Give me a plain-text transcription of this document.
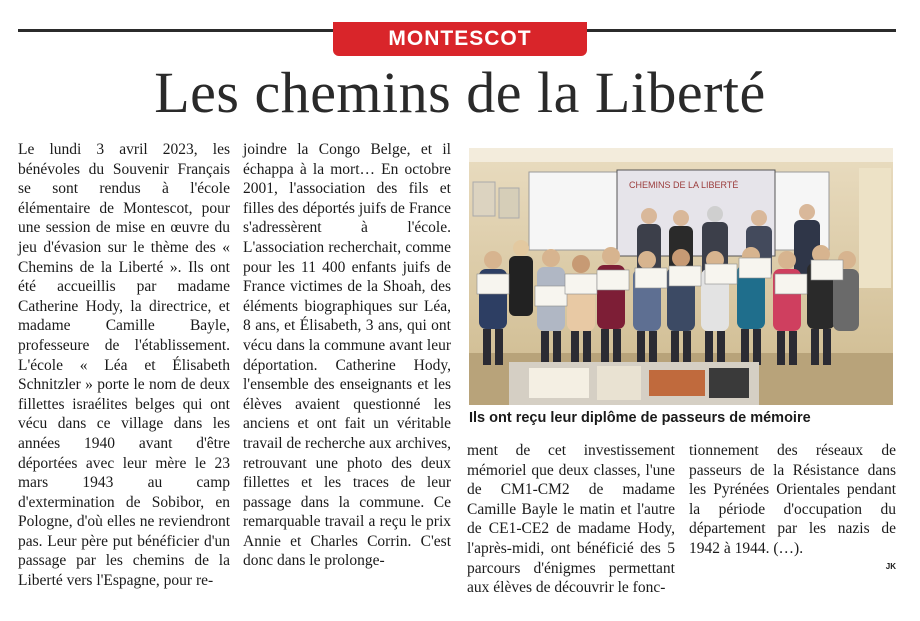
MONTESCOT
Les chemins de la Liberté
Le lundi 3 avril 2023, les bénévoles du Souvenir Français se sont rendus à l'école élémentaire de Montescot, pour une session de mise en œuvre du jeu d'évasion sur le thème des « Chemins de la Liberté ». Ils ont été accueillis par madame Catherine Hody, la directrice, et madame Camille Bayle, professeure de l'établissement. L'école « Léa et Élisabeth Schnitzler » porte le nom de deux fillettes israélites belges qui ont vécu dans ce village dans les années 1940 avant d'être déportées avec leur mère le 23 mars 1943 au camp d'extermination de Sobibor, en Pologne, d'où elles ne reviendront pas. Leur père put bénéficier d'un passage par les chemins de la Liberté vers l'Espagne, pour re-
joindre la Congo Belge, et il échappa à la mort… En octobre 2001, l'association des fils et filles des déportés juifs de France s'adressèrent à l'école. L'association recherchait, comme pour les 11 400 enfants juifs de France victimes de la Shoah, des éléments biographiques sur Léa, 8 ans, et Élisabeth, 3 ans, qui ont vécu dans la commune avant leur déportation. Catherine Hody, l'ensemble des enseignants et les élèves avaient questionné les anciens et ont fait un véritable travail de recherche aux archives, retrouvant une photo des deux fillettes et les traces de leur passage dans la commune. Ce remarquable travail a reçu le prix Annie et Charles Corrin. C'est donc dans le prolonge-
CHEMINS DE LA LIBERTÉ
Ils ont reçu leur diplôme de passeurs de mémoire
ment de cet investissement mémoriel que deux classes, l'une de CM1-CM2 de madame Camille Bayle le matin et l'autre de CE1-CE2 de madame Hody, l'après-midi, ont bénéficié des 5 parcours d'énigmes permettant aux élèves de découvrir le fonc-
tionnement des réseaux de passeurs de la Résistance dans les Pyrénées Orientales pendant la période d'occupation du département par les nazis de 1942 à 1944. (…).

JK
